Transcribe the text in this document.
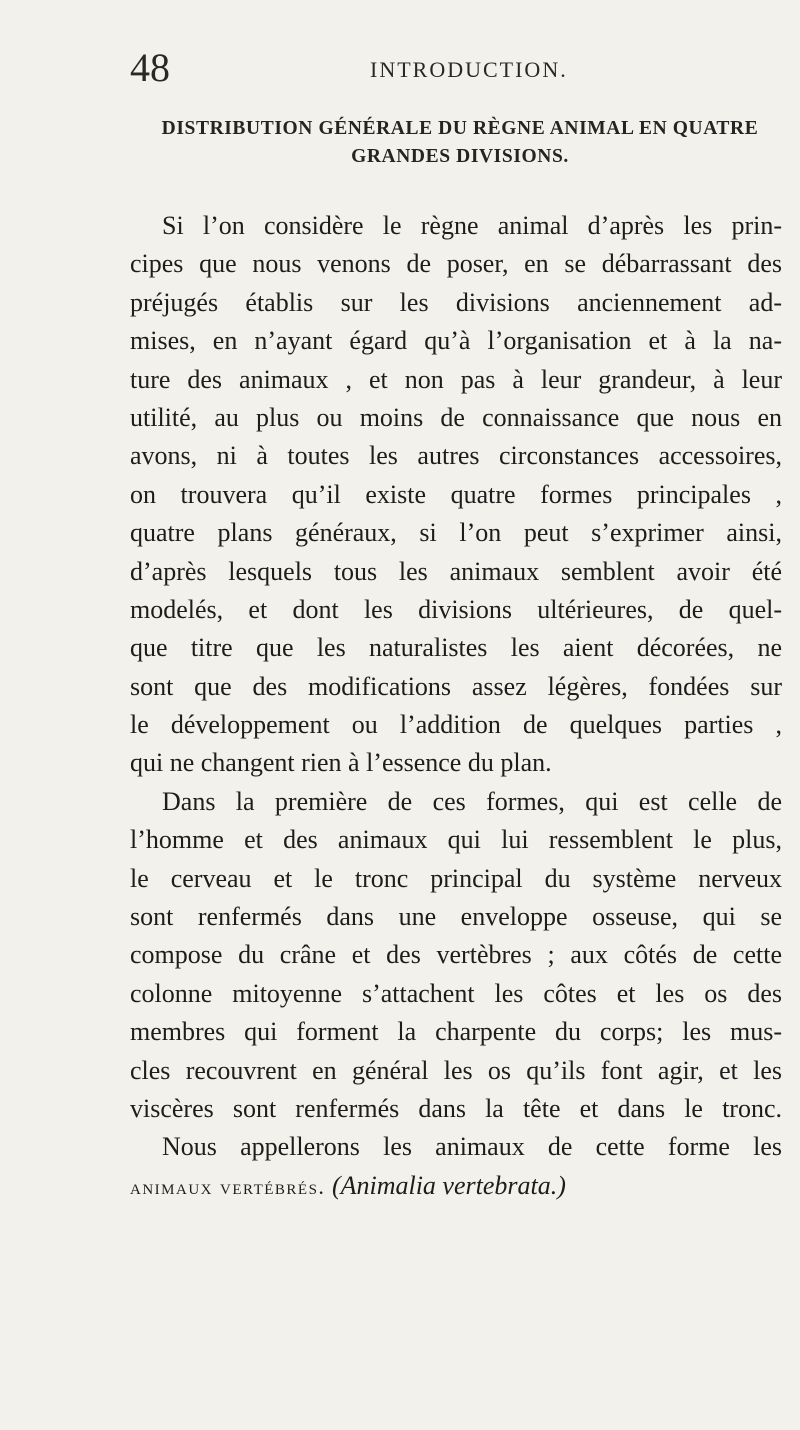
48	INTRODUCTION.
DISTRIBUTION GÉNÉRALE DU RÈGNE ANIMAL EN QUATRE
GRANDES DIVISIONS.
Si l’on considère le règne animal d’après les prin-
cipes que nous venons de poser, en se débarrassant des
préjugés établis sur les divisions anciennement ad-
mises, en n’ayant égard qu’à l’organisation et à la na-
ture des animaux , et non pas à leur grandeur, à leur
utilité, au plus ou moins de connaissance que nous en
avons, ni à toutes les autres circonstances accessoires,
on trouvera qu’il existe quatre formes principales ,
quatre plans généraux, si l’on peut s’exprimer ainsi,
d’après lesquels tous les animaux semblent avoir été
modelés, et dont les divisions ultérieures, de quel-
que titre que les naturalistes les aient décorées, ne
sont que des modifications assez légères, fondées sur
le développement ou l’addition de quelques parties ,
qui ne changent rien à l’essence du plan.
Dans la première de ces formes, qui est celle de
l’homme et des animaux qui lui ressemblent le plus,
le cerveau et le tronc principal du système nerveux
sont renfermés dans une enveloppe osseuse, qui se
compose du crâne et des vertèbres ; aux côtés de cette
colonne mitoyenne s’attachent les côtes et les os des
membres qui forment la charpente du corps; les mus-
cles recouvrent en général les os qu’ils font agir, et les
viscères sont renfermés dans la tête et dans le tronc.
Nous appellerons les animaux de cette forme les
animaux vertébrés. (Animalia vertebrata.)
